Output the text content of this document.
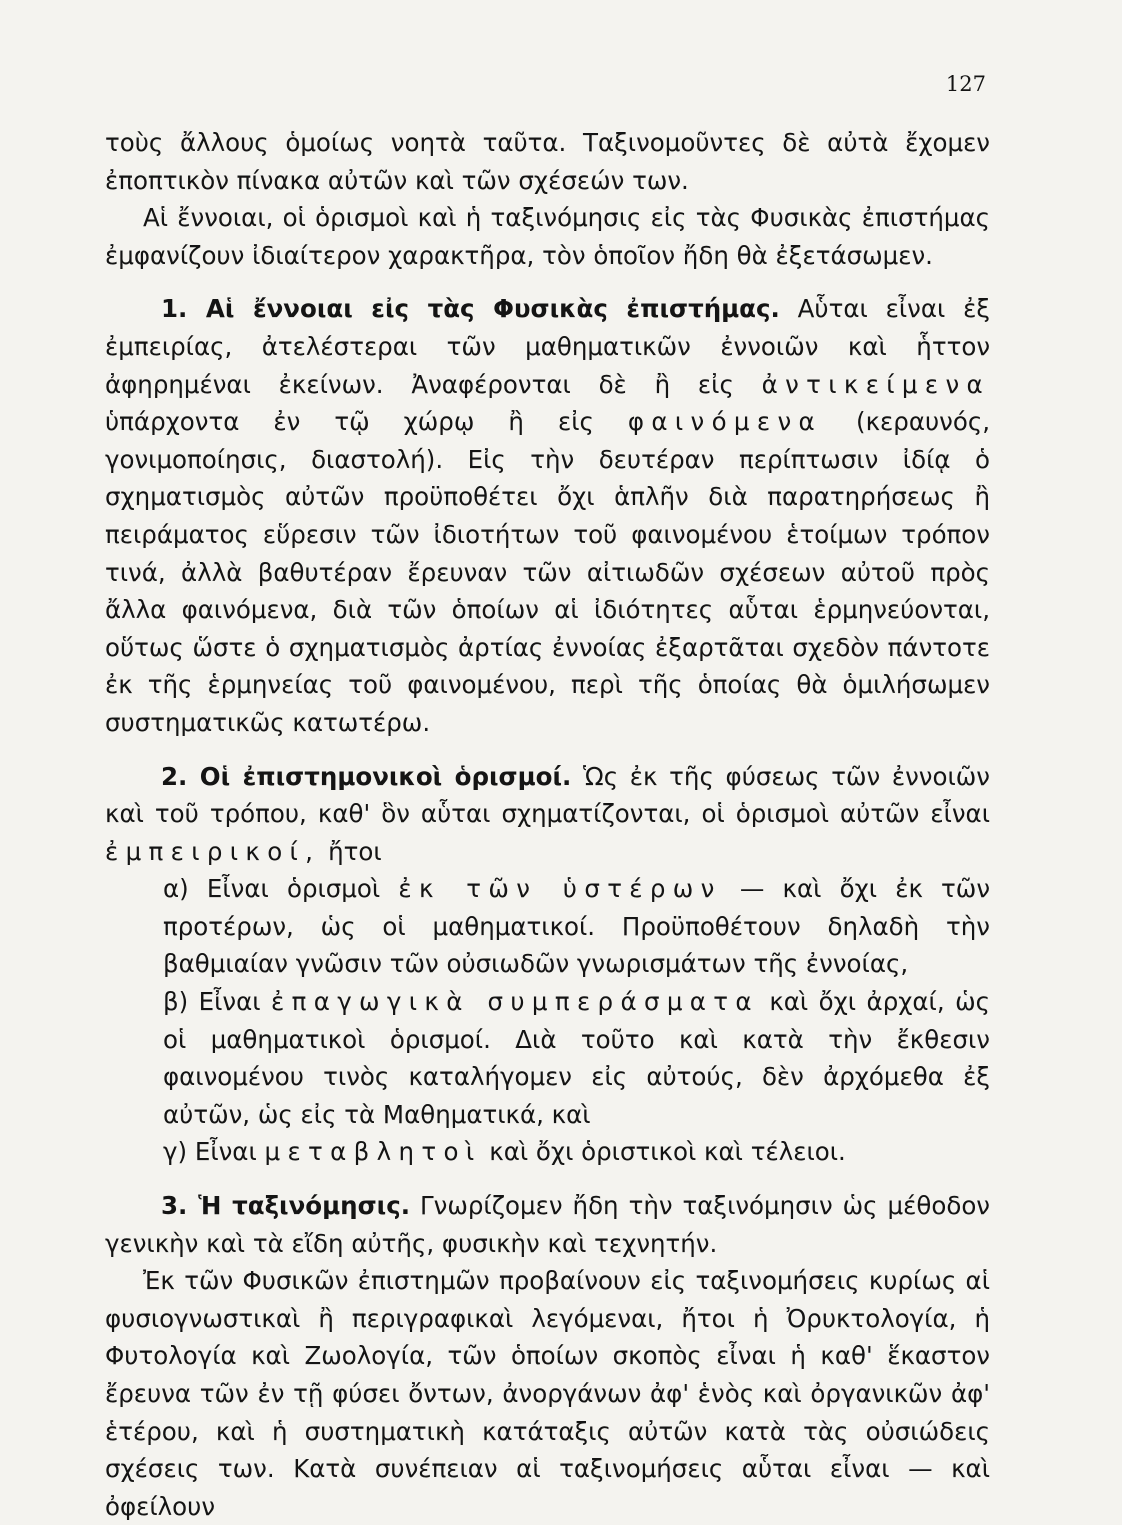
127

τοὺς ἄλλους ὁμοίως νοητὰ ταῦτα. Ταξινομοῦντες δὲ αὐτὰ ἔχομεν ἐποπτικὸν πίνακα αὐτῶν καὶ τῶν σχέσεών των.

Αἱ ἔννοιαι, οἱ ὁρισμοὶ καὶ ἡ ταξινόμησις εἰς τὰς Φυσικὰς ἐπιστήμας ἐμφανίζουν ἰδιαίτερον χαρακτῆρα, τὸν ὁποῖον ἤδη θὰ ἐξετάσωμεν.

1. Αἱ ἔννοιαι εἰς τὰς Φυσικὰς ἐπιστήμας. Αὗται εἶναι ἐξ ἐμπειρίας, ἀτελέστεραι τῶν μαθηματικῶν ἐννοιῶν καὶ ἧττον ἀφηρημέναι ἐκείνων. Ἀναφέρονται δὲ ἢ εἰς ἀντικείμενα ὑπάρχοντα ἐν τῷ χώρῳ ἢ εἰς φαινόμενα (κεραυνός, γονιμοποίησις, διαστολή). Εἰς τὴν δευτέραν περίπτωσιν ἰδίᾳ ὁ σχηματισμὸς αὐτῶν προϋποθέτει ὄχι ἁπλῆν διὰ παρατηρήσεως ἢ πειράματος εὕρεσιν τῶν ἰδιοτήτων τοῦ φαινομένου ἑτοίμων τρόπον τινά, ἀλλὰ βαθυτέραν ἔρευναν τῶν αἰτιωδῶν σχέσεων αὐτοῦ πρὸς ἄλλα φαινόμενα, διὰ τῶν ὁποίων αἱ ἰδιότητες αὗται ἑρμηνεύονται, οὕτως ὥστε ὁ σχηματισμὸς ἀρτίας ἐννοίας ἐξαρτᾶται σχεδὸν πάντοτε ἐκ τῆς ἑρμηνείας τοῦ φαινομένου, περὶ τῆς ὁποίας θὰ ὁμιλήσωμεν συστηματικῶς κατωτέρω.

2. Οἱ ἐπιστημονικοὶ ὁρισμοί. Ὡς ἐκ τῆς φύσεως τῶν ἐννοιῶν καὶ τοῦ τρόπου, καθ' ὃν αὗται σχηματίζονται, οἱ ὁρισμοὶ αὐτῶν εἶναι ἐμπειρικοί, ἤτοι

α) Εἶναι ὁρισμοὶ ἐκ τῶν ὑστέρων — καὶ ὄχι ἐκ τῶν προτέρων, ὡς οἱ μαθηματικοί. Προϋποθέτουν δηλαδὴ τὴν βαθμιαίαν γνῶσιν τῶν οὐσιωδῶν γνωρισμάτων τῆς ἐννοίας,

β) Εἶναι ἐπαγωγικὰ συμπεράσματα καὶ ὄχι ἀρχαί, ὡς οἱ μαθηματικοὶ ὁρισμοί. Διὰ τοῦτο καὶ κατὰ τὴν ἔκθεσιν φαινομένου τινὸς καταλήγομεν εἰς αὐτούς, δὲν ἀρχόμεθα ἐξ αὐτῶν, ὡς εἰς τὰ Μαθηματικά, καὶ

γ) Εἶναι μεταβλητοὶ καὶ ὄχι ὁριστικοὶ καὶ τέλειοι.

3. Ἡ ταξινόμησις. Γνωρίζομεν ἤδη τὴν ταξινόμησιν ὡς μέθοδον γενικὴν καὶ τὰ εἴδη αὐτῆς, φυσικὴν καὶ τεχνητήν.

Ἐκ τῶν Φυσικῶν ἐπιστημῶν προβαίνουν εἰς ταξινομήσεις κυρίως αἱ φυσιογνωστικαὶ ἢ περιγραφικαὶ λεγόμεναι, ἤτοι ἡ Ὀρυκτολογία, ἡ Φυτολογία καὶ Ζωολογία, τῶν ὁποίων σκοπὸς εἶναι ἡ καθ' ἕκαστον ἔρευνα τῶν ἐν τῇ φύσει ὄντων, ἀνοργάνων ἀφ' ἑνὸς καὶ ὀργανικῶν ἀφ' ἑτέρου, καὶ ἡ συστηματικὴ κατάταξις αὐτῶν κατὰ τὰς οὐσιώδεις σχέσεις των. Κατὰ συνέπειαν αἱ ταξινομήσεις αὗται εἶναι — καὶ ὀφείλουν
